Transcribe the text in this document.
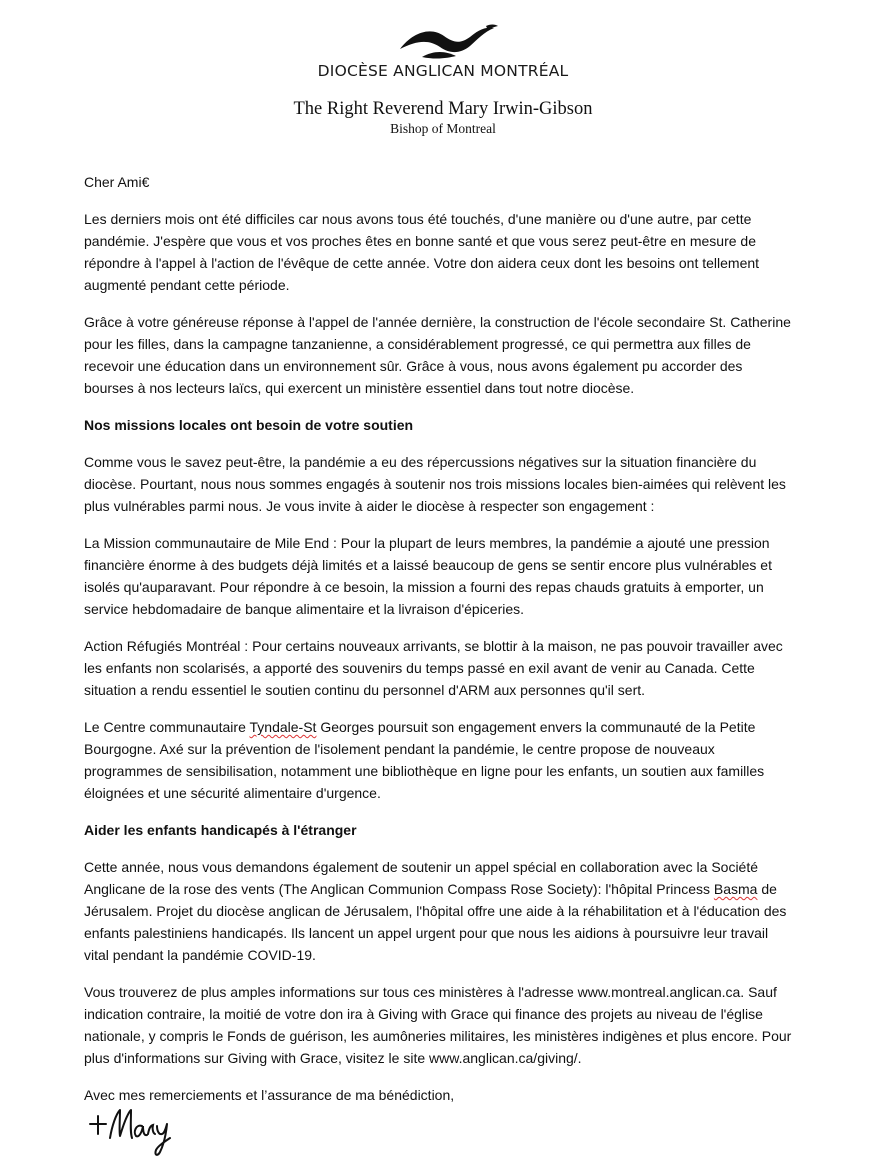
DIOCÈSE ANGLICAN MONTRÉAL
The Right Reverend Mary Irwin-Gibson
Bishop of Montreal

Cher Ami€

Les derniers mois ont été difficiles car nous avons tous été touchés, d'une manière ou d'une autre, par cette pandémie. J'espère que vous et vos proches êtes en bonne santé et que vous serez peut-être en mesure de répondre à l'appel à l'action de l'évêque de cette année. Votre don aidera ceux dont les besoins ont tellement augmenté pendant cette période.

Grâce à votre généreuse réponse à l'appel de l'année dernière, la construction de l'école secondaire St. Catherine pour les filles, dans la campagne tanzanienne, a considérablement progressé, ce qui permettra aux filles de recevoir une éducation dans un environnement sûr. Grâce à vous, nous avons également pu accorder des bourses à nos lecteurs laïcs, qui exercent un ministère essentiel dans tout notre diocèse.

Nos missions locales ont besoin de votre soutien

Comme vous le savez peut-être, la pandémie a eu des répercussions négatives sur la situation financière du diocèse. Pourtant, nous nous sommes engagés à soutenir nos trois missions locales bien-aimées qui relèvent les plus vulnérables parmi nous. Je vous invite à aider le diocèse à respecter son engagement :

La Mission communautaire de Mile End : Pour la plupart de leurs membres, la pandémie a ajouté une pression financière énorme à des budgets déjà limités et a laissé beaucoup de gens se sentir encore plus vulnérables et isolés qu'auparavant. Pour répondre à ce besoin, la mission a fourni des repas chauds gratuits à emporter, un service hebdomadaire de banque alimentaire et la livraison d'épiceries.

Action Réfugiés Montréal : Pour certains nouveaux arrivants, se blottir à la maison, ne pas pouvoir travailler avec les enfants non scolarisés, a apporté des souvenirs du temps passé en exil avant de venir au Canada. Cette situation a rendu essentiel le soutien continu du personnel d'ARM aux personnes qu'il sert.

Le Centre communautaire Tyndale-St Georges poursuit son engagement envers la communauté de la Petite Bourgogne. Axé sur la prévention de l'isolement pendant la pandémie, le centre propose de nouveaux programmes de sensibilisation, notamment une bibliothèque en ligne pour les enfants, un soutien aux familles éloignées et une sécurité alimentaire d'urgence.

Aider les enfants handicapés à l'étranger

Cette année, nous vous demandons également de soutenir un appel spécial en collaboration avec la Société Anglicane de la rose des vents (The Anglican Communion Compass Rose Society): l'hôpital Princess Basma de Jérusalem. Projet du diocèse anglican de Jérusalem, l'hôpital offre une aide à la réhabilitation et à l'éducation des enfants palestiniens handicapés. Ils lancent un appel urgent pour que nous les aidions à poursuivre leur travail vital pendant la pandémie COVID-19.

Vous trouverez de plus amples informations sur tous ces ministères à l'adresse www.montreal.anglican.ca. Sauf indication contraire, la moitié de votre don ira à Giving with Grace qui finance des projets au niveau de l'église nationale, y compris le Fonds de guérison, les aumôneries militaires, les ministères indigènes et plus encore. Pour plus d'informations sur Giving with Grace, visitez le site www.anglican.ca/giving/.

Avec mes remerciements et l’assurance de ma bénédiction,
